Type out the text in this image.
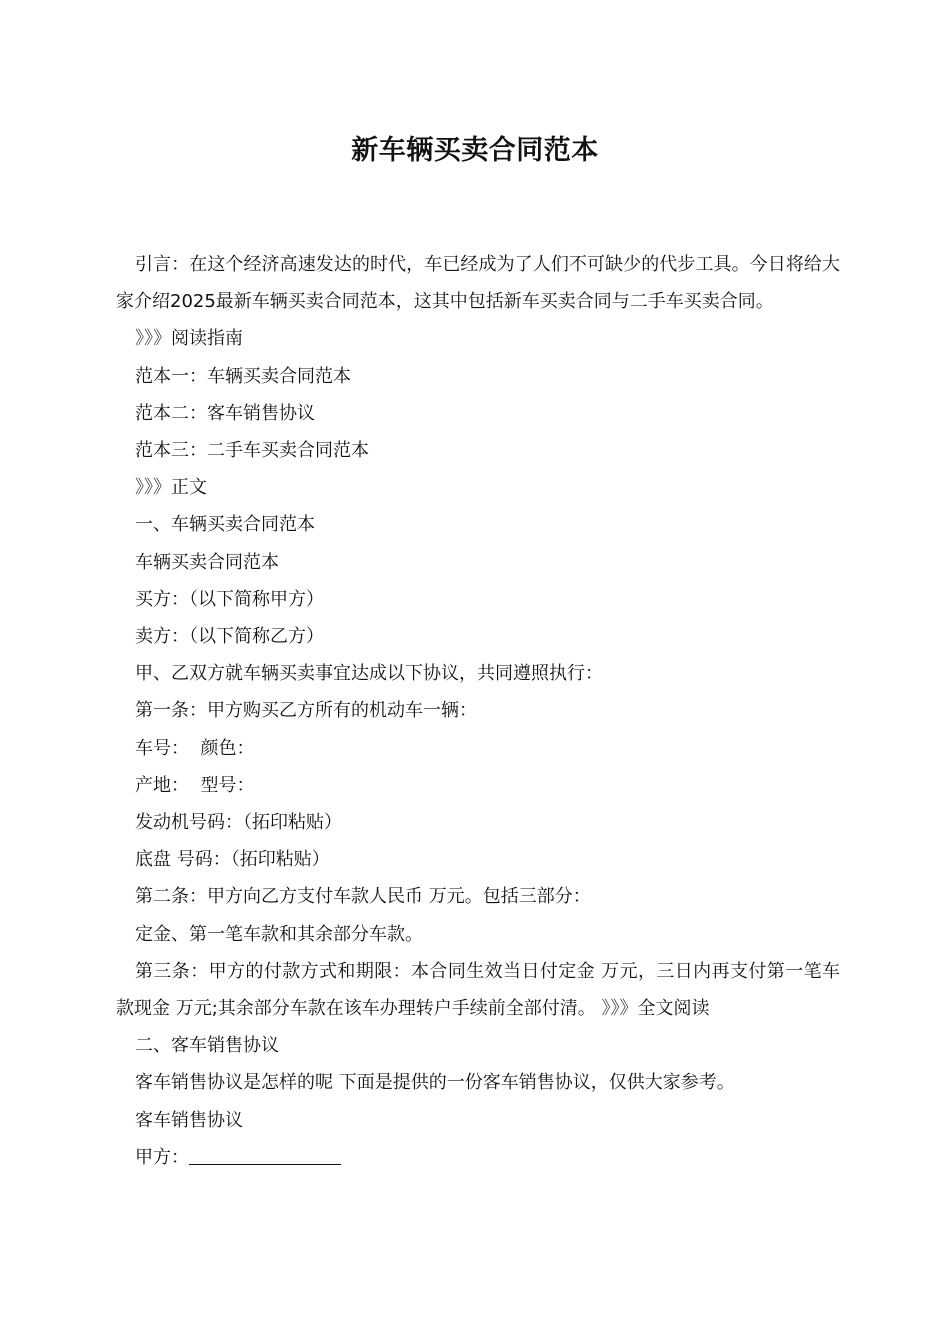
新车辆买卖合同范本

引言：在这个经济高速发达的时代，车已经成为了人们不可缺少的代步工具。今日将给大家介绍2025最新车辆买卖合同范本，这其中包括新车买卖合同与二手车买卖合同。

》》》阅读指南

范本一：车辆买卖合同范本

范本二：客车销售协议

范本三：二手车买卖合同范本

》》》正文

一、车辆买卖合同范本

车辆买卖合同范本

买方：（以下简称甲方）

卖方：（以下简称乙方）

甲、乙双方就车辆买卖事宜达成以下协议，共同遵照执行：

第一条：甲方购买乙方所有的机动车一辆：

车号：  颜色：

产地：  型号：

发动机号码：（拓印粘贴）

底盘 号码：（拓印粘贴）

第二条：甲方向乙方支付车款人民币 万元。包括三部分：

定金、第一笔车款和其余部分车款。

第三条：甲方的付款方式和期限：本合同生效当日付定金 万元，三日内再支付第一笔车款现金 万元;其余部分车款在该车办理转户手续前全部付清。 》》》全文阅读

二、客车销售协议

客车销售协议是怎样的呢 下面是提供的一份客车销售协议，仅供大家参考。

客车销售协议

甲方：
